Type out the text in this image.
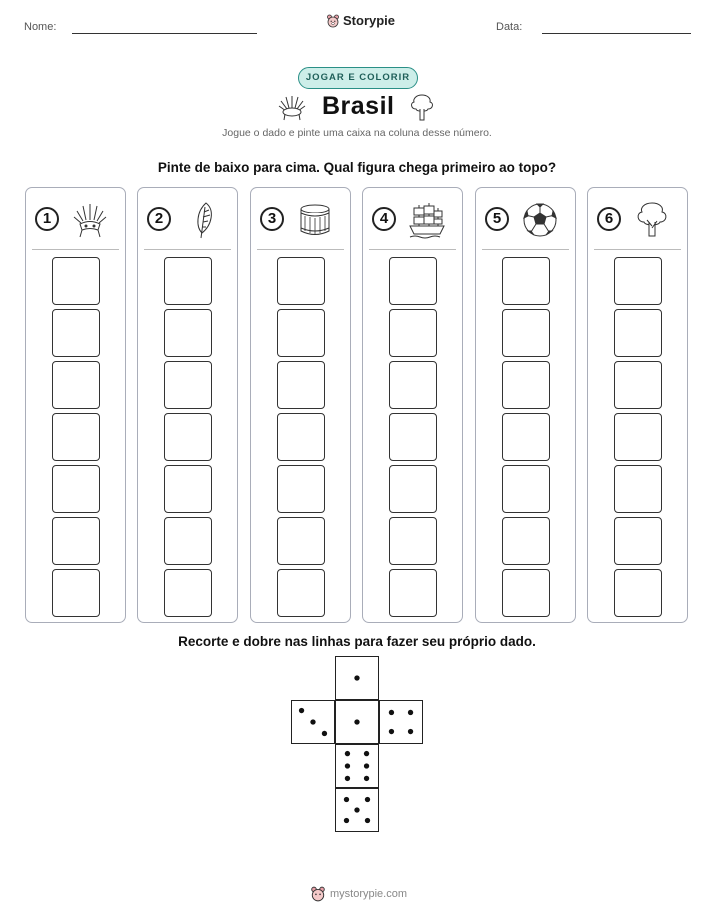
Nome:	Storypie	Data:
JOGAR E COLORIR
Brasil
Jogue o dado e pinte uma caixa na coluna desse número.
Pinte de baixo para cima. Qual figura chega primeiro ao topo?
1	2	3	4	5	6
Recorte e dobre nas linhas para fazer seu próprio dado.
mystorypie.com
